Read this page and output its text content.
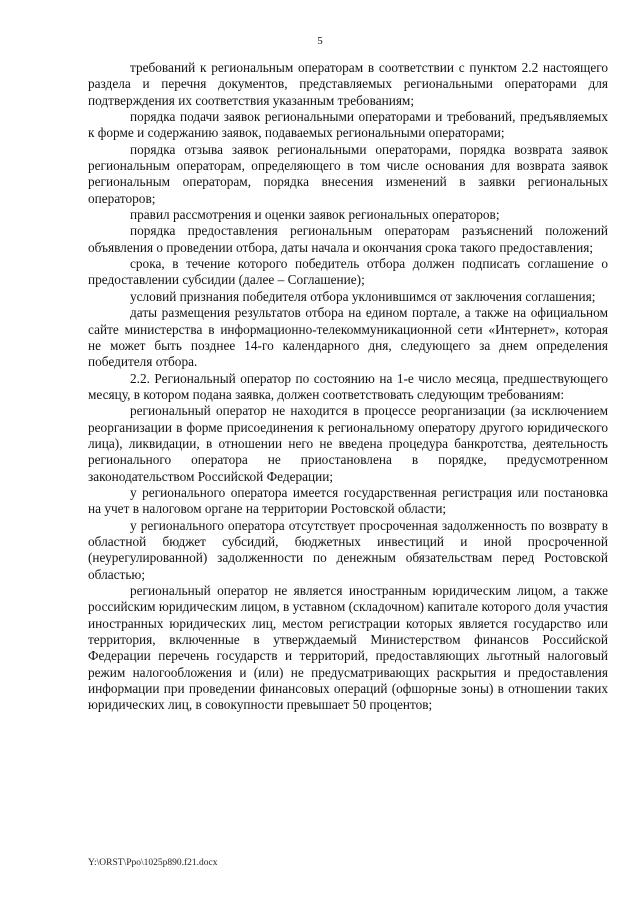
5

требований к региональным операторам в соответствии с пунктом 2.2 настоящего раздела и перечня документов, представляемых региональными операторами для подтверждения их соответствия указанным требованиям;

порядка подачи заявок региональными операторами и требований, предъявляемых к форме и содержанию заявок, подаваемых региональными операторами;

порядка отзыва заявок региональными операторами, порядка возврата заявок региональным операторам, определяющего в том числе основания для возврата заявок региональным операторам, порядка внесения изменений в заявки региональных операторов;

правил рассмотрения и оценки заявок региональных операторов;

порядка предоставления региональным операторам разъяснений положений объявления о проведении отбора, даты начала и окончания срока такого предоставления;

срока, в течение которого победитель отбора должен подписать соглашение о предоставлении субсидии (далее – Соглашение);

условий признания победителя отбора уклонившимся от заключения соглашения;

даты размещения результатов отбора на едином портале, а также на официальном сайте министерства в информационно-телекоммуникационной сети «Интернет», которая не может быть позднее 14-го календарного дня, следующего за днем определения победителя отбора.

2.2. Региональный оператор по состоянию на 1-е число месяца, предшествующего месяцу, в котором подана заявка, должен соответствовать следующим требованиям:

региональный оператор не находится в процессе реорганизации (за исключением реорганизации в форме присоединения к региональному оператору другого юридического лица), ликвидации, в отношении него не введена процедура банкротства, деятельность регионального оператора не приостановлена в порядке, предусмотренном законодательством Российской Федерации;

у регионального оператора имеется государственная регистрация или постановка на учет в налоговом органе на территории Ростовской области;

у регионального оператора отсутствует просроченная задолженность по возврату в областной бюджет субсидий, бюджетных инвестиций и иной просроченной (неурегулированной) задолженности по денежным обязательствам перед Ростовской областью;

региональный оператор не является иностранным юридическим лицом, а также российским юридическим лицом, в уставном (складочном) капитале которого доля участия иностранных юридических лиц, местом регистрации которых является государство или территория, включенные в утверждаемый Министерством финансов Российской Федерации перечень государств и территорий, предоставляющих льготный налоговый режим налогообложения и (или) не предусматривающих раскрытия и предоставления информации при проведении финансовых операций (офшорные зоны) в отношении таких юридических лиц, в совокупности превышает 50 процентов;

Y:\ORST\Ppo\1025p890.f21.docx
